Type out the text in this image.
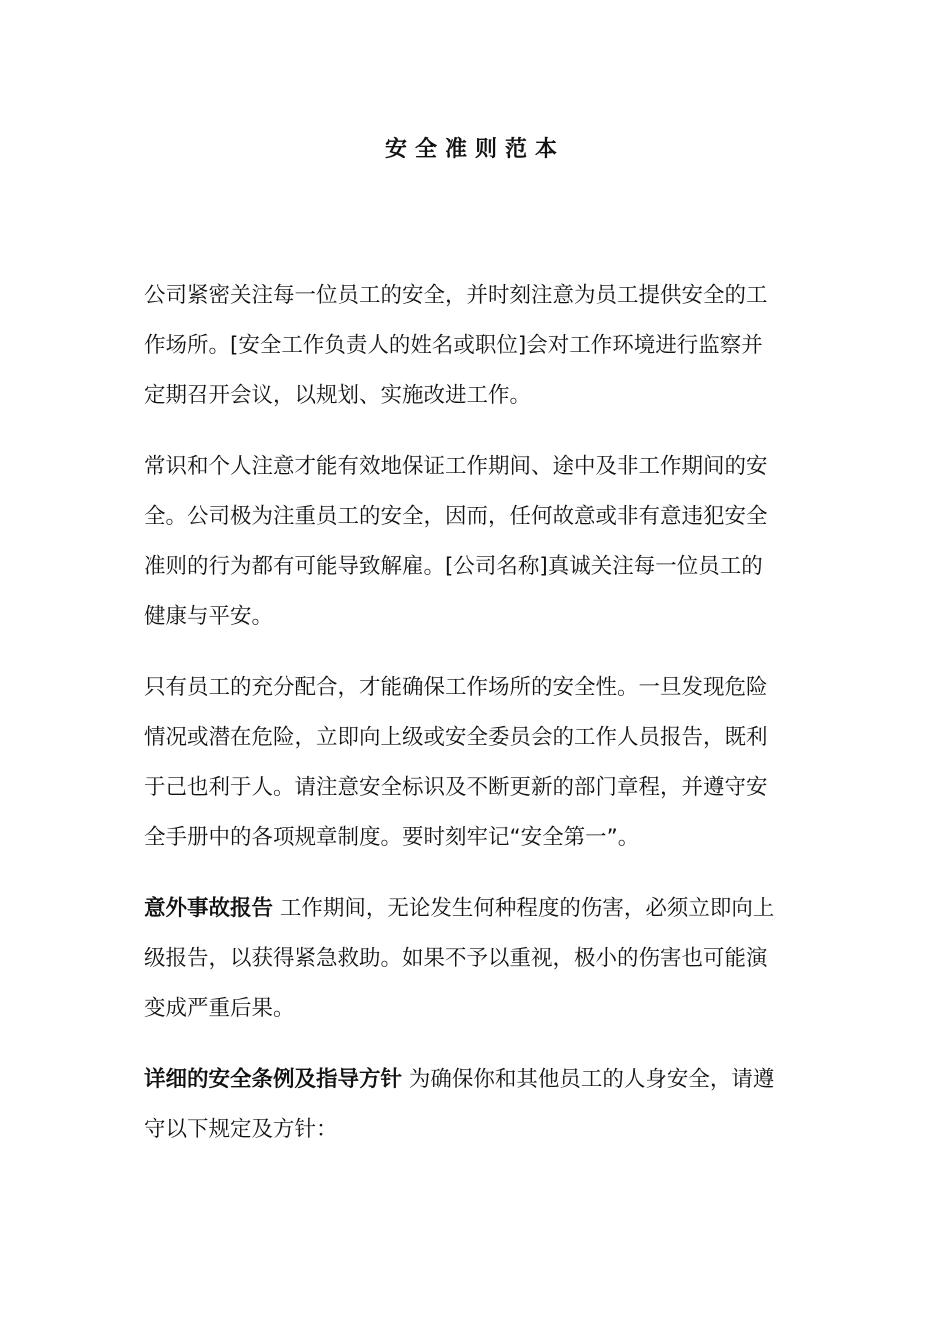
安全准则范本

公司紧密关注每一位员工的安全，并时刻注意为员工提供安全的工
作场所。[安全工作负责人的姓名或职位]会对工作环境进行监察并
定期召开会议，以规划、实施改进工作。

常识和个人注意才能有效地保证工作期间、途中及非工作期间的安
全。公司极为注重员工的安全，因而，任何故意或非有意违犯安全
准则的行为都有可能导致解雇。[公司名称]真诚关注每一位员工的
健康与平安。

只有员工的充分配合，才能确保工作场所的安全性。一旦发现危险
情况或潜在危险，立即向上级或安全委员会的工作人员报告，既利
于己也利于人。请注意安全标识及不断更新的部门章程，并遵守安
全手册中的各项规章制度。要时刻牢记“安全第一”。

意外事故报告 工作期间，无论发生何种程度的伤害，必须立即向上
级报告，以获得紧急救助。如果不予以重视，极小的伤害也可能演
变成严重后果。

详细的安全条例及指导方针 为确保你和其他员工的人身安全，请遵
守以下规定及方针：
